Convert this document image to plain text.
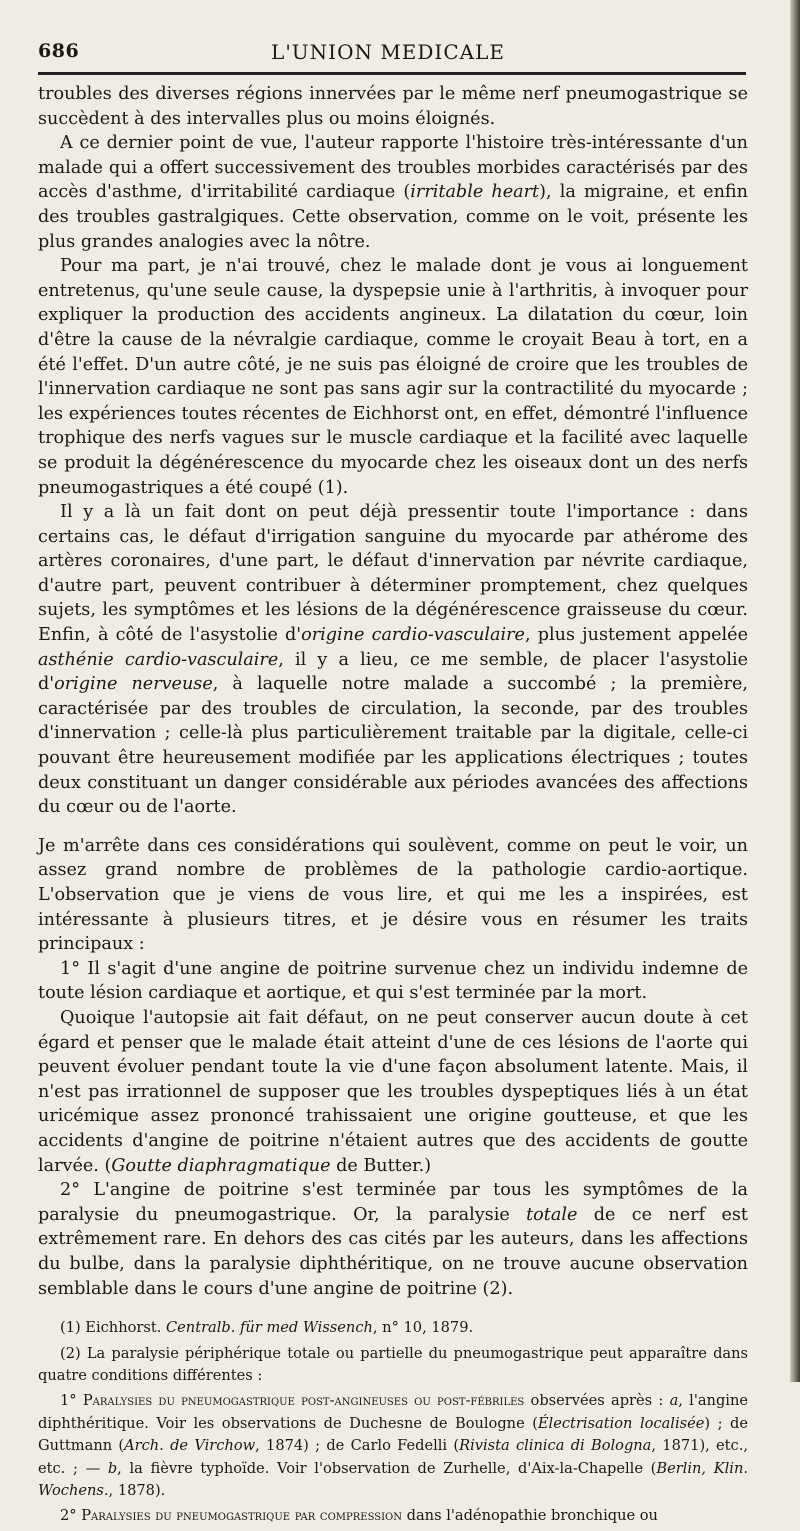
686	L'UNION MEDICALE

troubles des diverses régions innervées par le même nerf pneumogastrique se succèdent à des intervalles plus ou moins éloignés.

A ce dernier point de vue, l'auteur rapporte l'histoire très-intéressante d'un malade qui a offert successivement des troubles morbides caractérisés par des accès d'asthme, d'irritabilité cardiaque (irritable heart), la migraine, et enfin des troubles gastralgiques. Cette observation, comme on le voit, présente les plus grandes analogies avec la nôtre.

Pour ma part, je n'ai trouvé, chez le malade dont je vous ai longuement entretenus, qu'une seule cause, la dyspepsie unie à l'arthritis, à invoquer pour expliquer la production des accidents angineux. La dilatation du cœur, loin d'être la cause de la névralgie cardiaque, comme le croyait Beau à tort, en a été l'effet. D'un autre côté, je ne suis pas éloigné de croire que les troubles de l'innervation cardiaque ne sont pas sans agir sur la contractilité du myocarde ; les expériences toutes récentes de Eichhorst ont, en effet, démontré l'influence trophique des nerfs vagues sur le muscle cardiaque et la facilité avec laquelle se produit la dégénérescence du myocarde chez les oiseaux dont un des nerfs pneumogastriques a été coupé (1).

Il y a là un fait dont on peut déjà pressentir toute l'importance : dans certains cas, le défaut d'irrigation sanguine du myocarde par athérome des artères coronaires, d'une part, le défaut d'innervation par névrite cardiaque, d'autre part, peuvent contribuer à déterminer promptement, chez quelques sujets, les symptômes et les lésions de la dégénérescence graisseuse du cœur. Enfin, à côté de l'asystolie d'origine cardio-vasculaire, plus justement appelée asthénie cardio-vasculaire, il y a lieu, ce me semble, de placer l'asystolie d'origine nerveuse, à laquelle notre malade a succombé ; la première, caractérisée par des troubles de circulation, la seconde, par des troubles d'innervation ; celle-là plus particulièrement traitable par la digitale, celle-ci pouvant être heureusement modifiée par les applications électriques ; toutes deux constituant un danger considérable aux périodes avancées des affections du cœur ou de l'aorte.

Je m'arrête dans ces considérations qui soulèvent, comme on peut le voir, un assez grand nombre de problèmes de la pathologie cardio-aortique. L'observation que je viens de vous lire, et qui me les a inspirées, est intéressante à plusieurs titres, et je désire vous en résumer les traits principaux :

1° Il s'agit d'une angine de poitrine survenue chez un individu indemne de toute lésion cardiaque et aortique, et qui s'est terminée par la mort.

Quoique l'autopsie ait fait défaut, on ne peut conserver aucun doute à cet égard et penser que le malade était atteint d'une de ces lésions de l'aorte qui peuvent évoluer pendant toute la vie d'une façon absolument latente. Mais, il n'est pas irrationnel de supposer que les troubles dyspeptiques liés à un état uricémique assez prononcé trahissaient une origine goutteuse, et que les accidents d'angine de poitrine n'étaient autres que des accidents de goutte larvée. (Goutte diaphragmatique de Butter.)

2° L'angine de poitrine s'est terminée par tous les symptômes de la paralysie du pneumogastrique. Or, la paralysie totale de ce nerf est extrêmement rare. En dehors des cas cités par les auteurs, dans les affections du bulbe, dans la paralysie diphthéritique, on ne trouve aucune observation semblable dans le cours d'une angine de poitrine (2).

(1) Eichhorst. Centralb. für med Wissench, n° 10, 1879.

(2) La paralysie périphérique totale ou partielle du pneumogastrique peut apparaître dans quatre conditions différentes :

1° Paralysies du pneumogastrique post-angineuses ou post-fébriles observées après : a, l'angine diphthéritique. Voir les observations de Duchesne de Boulogne (Électrisation localisée) ; de Guttmann (Arch. de Virchow, 1874) ; de Carlo Fedelli (Rivista clinica di Bologna, 1871), etc., etc. ; — b, la fièvre typhoïde. Voir l'observation de Zurhelle, d'Aix-la-Chapelle (Berlin, Klin. Wochens., 1878).

2° Paralysies du pneumogastrique par compression dans l'adénopathie bronchique ou
